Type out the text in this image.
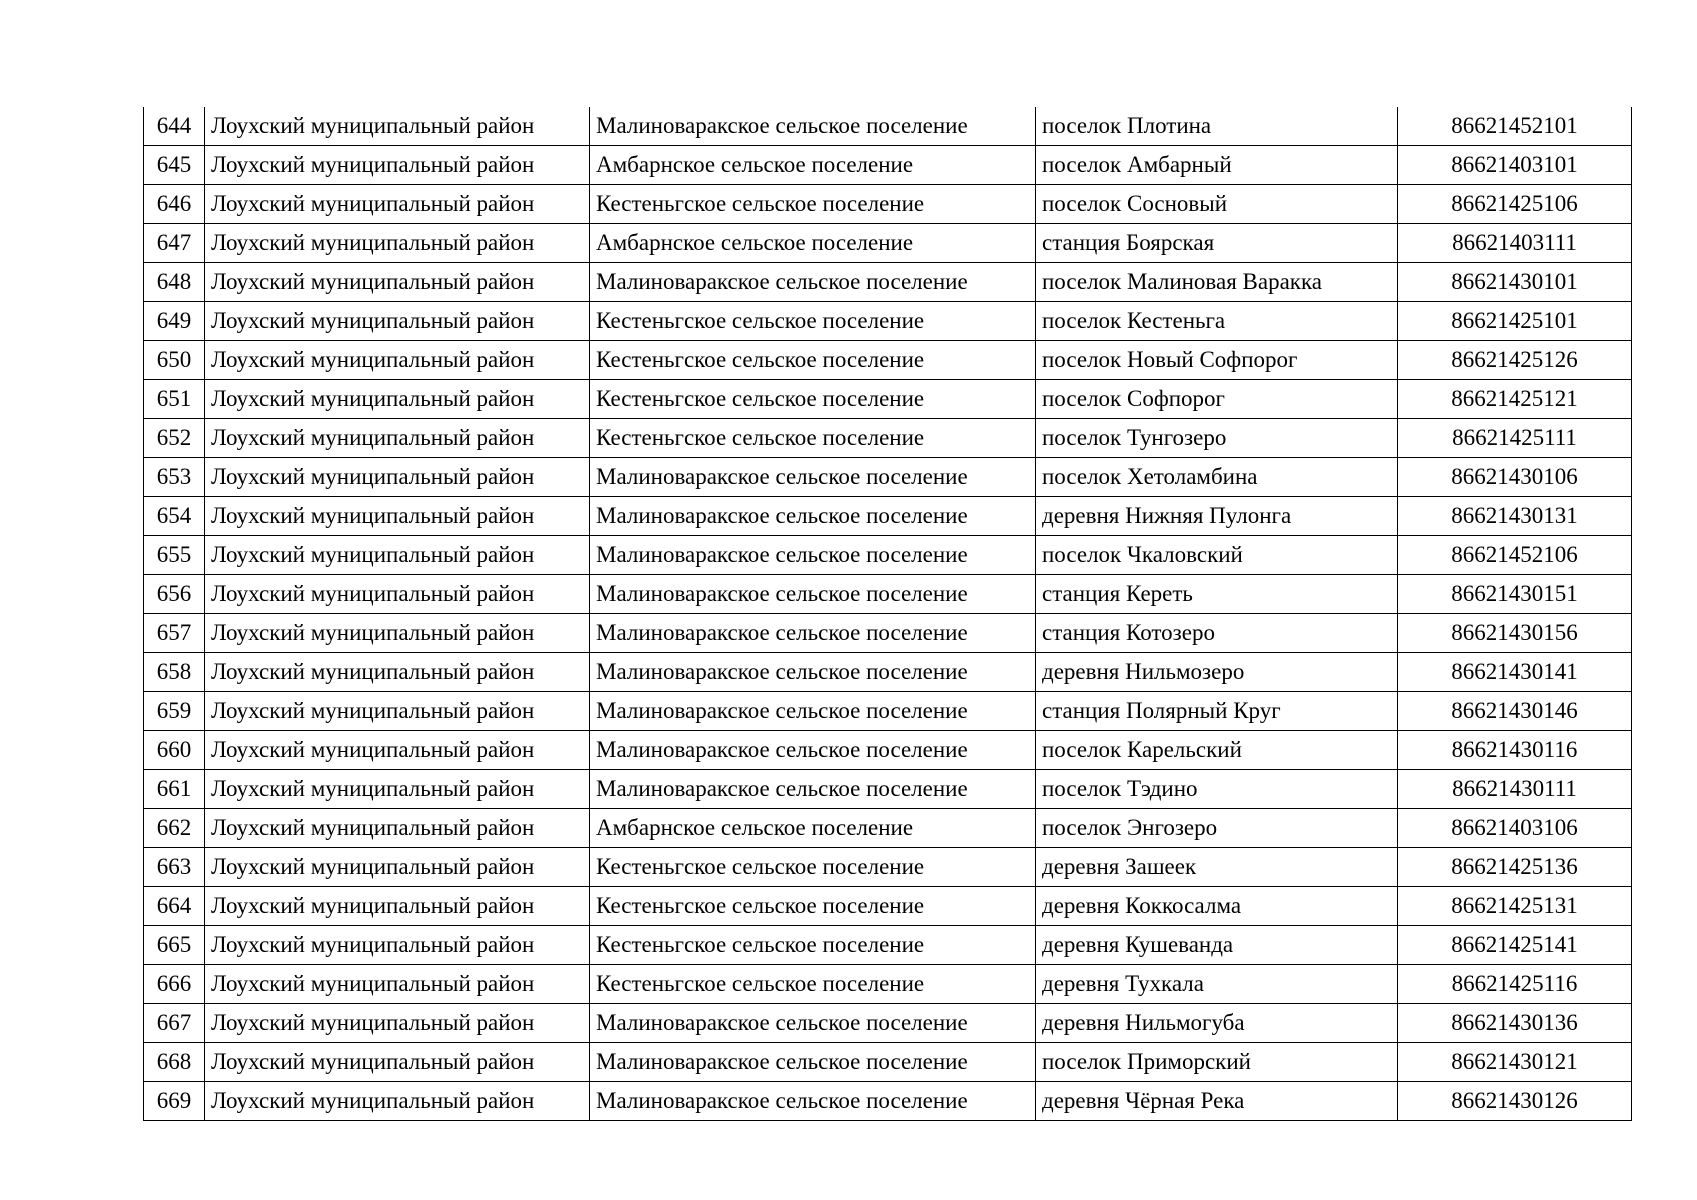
644	Лоухский муниципальный район	Малиноваракское сельское поселение	поселок Плотина	86621452101
645	Лоухский муниципальный район	Амбарнское сельское поселение	поселок Амбарный	86621403101
646	Лоухский муниципальный район	Кестеньгское сельское поселение	поселок Сосновый	86621425106
647	Лоухский муниципальный район	Амбарнское сельское поселение	станция Боярская	86621403111
648	Лоухский муниципальный район	Малиноваракское сельское поселение	поселок Малиновая Варакка	86621430101
649	Лоухский муниципальный район	Кестеньгское сельское поселение	поселок Кестеньга	86621425101
650	Лоухский муниципальный район	Кестеньгское сельское поселение	поселок Новый Софпорог	86621425126
651	Лоухский муниципальный район	Кестеньгское сельское поселение	поселок Софпорог	86621425121
652	Лоухский муниципальный район	Кестеньгское сельское поселение	поселок Тунгозеро	86621425111
653	Лоухский муниципальный район	Малиноваракское сельское поселение	поселок Хетоламбина	86621430106
654	Лоухский муниципальный район	Малиноваракское сельское поселение	деревня Нижняя Пулонга	86621430131
655	Лоухский муниципальный район	Малиноваракское сельское поселение	поселок Чкаловский	86621452106
656	Лоухский муниципальный район	Малиноваракское сельское поселение	станция Кереть	86621430151
657	Лоухский муниципальный район	Малиноваракское сельское поселение	станция Котозеро	86621430156
658	Лоухский муниципальный район	Малиноваракское сельское поселение	деревня Нильмозеро	86621430141
659	Лоухский муниципальный район	Малиноваракское сельское поселение	станция Полярный Круг	86621430146
660	Лоухский муниципальный район	Малиноваракское сельское поселение	поселок Карельский	86621430116
661	Лоухский муниципальный район	Малиноваракское сельское поселение	поселок Тэдино	86621430111
662	Лоухский муниципальный район	Амбарнское сельское поселение	поселок Энгозеро	86621403106
663	Лоухский муниципальный район	Кестеньгское сельское поселение	деревня Зашеек	86621425136
664	Лоухский муниципальный район	Кестеньгское сельское поселение	деревня Коккосалма	86621425131
665	Лоухский муниципальный район	Кестеньгское сельское поселение	деревня Кушеванда	86621425141
666	Лоухский муниципальный район	Кестеньгское сельское поселение	деревня Тухкала	86621425116
667	Лоухский муниципальный район	Малиноваракское сельское поселение	деревня Нильмогуба	86621430136
668	Лоухский муниципальный район	Малиноваракское сельское поселение	поселок Приморский	86621430121
669	Лоухский муниципальный район	Малиноваракское сельское поселение	деревня Чёрная Река	86621430126
